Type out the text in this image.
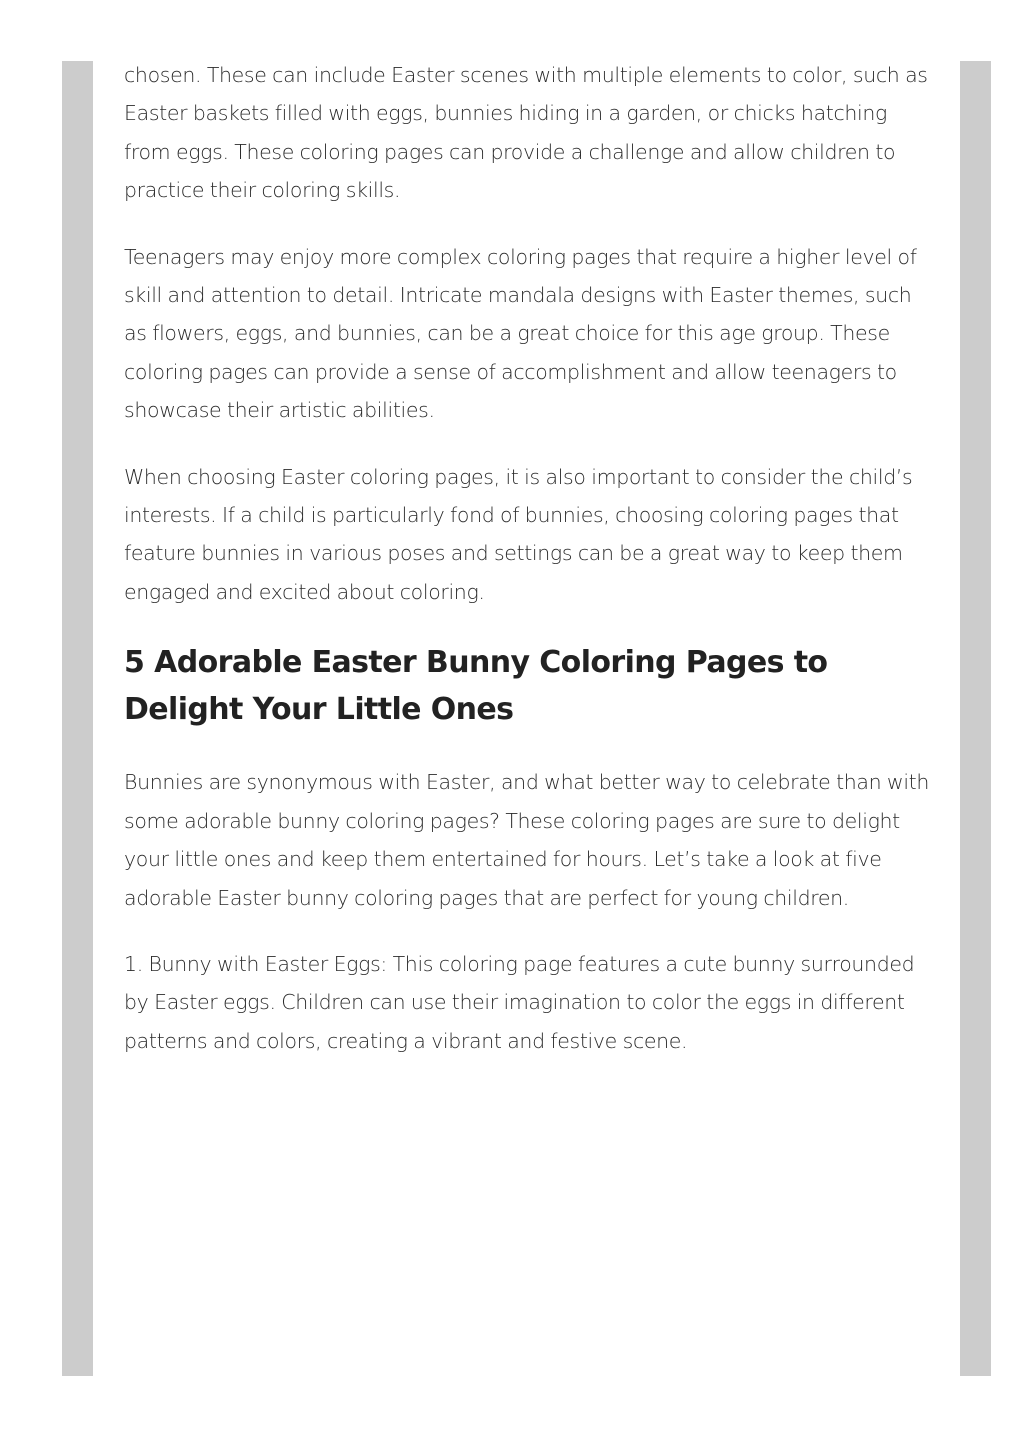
chosen. These can include Easter scenes with multiple elements to color, such as Easter baskets filled with eggs, bunnies hiding in a garden, or chicks hatching from eggs. These coloring pages can provide a challenge and allow children to practice their coloring skills.

Teenagers may enjoy more complex coloring pages that require a higher level of skill and attention to detail. Intricate mandala designs with Easter themes, such as flowers, eggs, and bunnies, can be a great choice for this age group. These coloring pages can provide a sense of accomplishment and allow teenagers to showcase their artistic abilities.

When choosing Easter coloring pages, it is also important to consider the child’s interests. If a child is particularly fond of bunnies, choosing coloring pages that feature bunnies in various poses and settings can be a great way to keep them engaged and excited about coloring.

5 Adorable Easter Bunny Coloring Pages to Delight Your Little Ones

Bunnies are synonymous with Easter, and what better way to celebrate than with some adorable bunny coloring pages? These coloring pages are sure to delight your little ones and keep them entertained for hours. Let’s take a look at five adorable Easter bunny coloring pages that are perfect for young children.

1. Bunny with Easter Eggs: This coloring page features a cute bunny surrounded by Easter eggs. Children can use their imagination to color the eggs in different patterns and colors, creating a vibrant and festive scene.
